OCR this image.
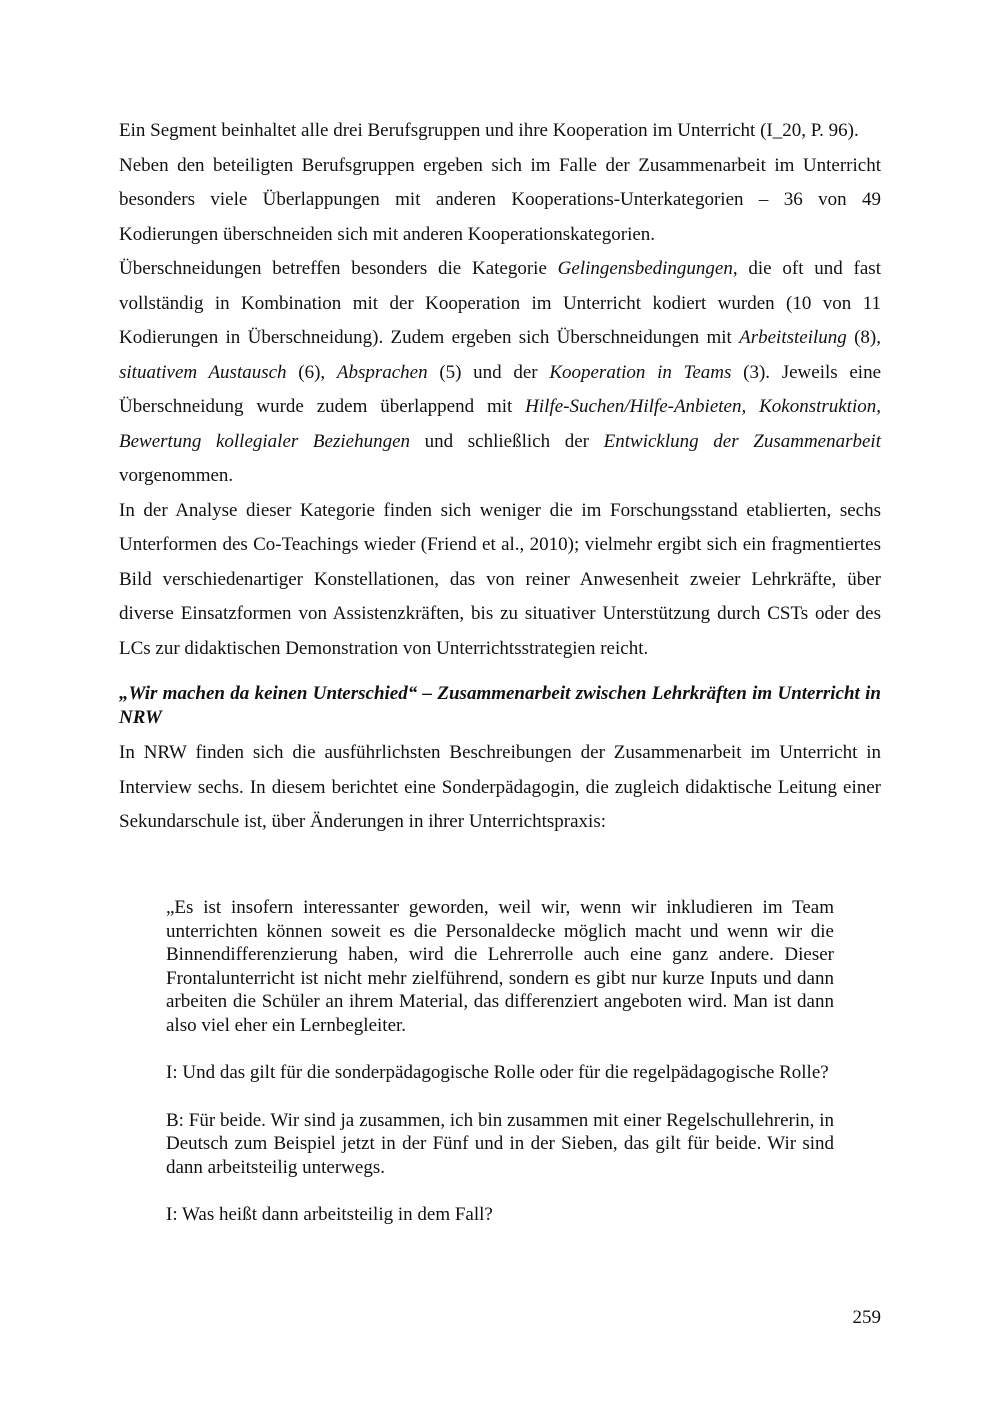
Ein Segment beinhaltet alle drei Berufsgruppen und ihre Kooperation im Unterricht (I_20, P. 96).

Neben den beteiligten Berufsgruppen ergeben sich im Falle der Zusammenarbeit im Unterricht besonders viele Überlappungen mit anderen Kooperations-Unterkategorien – 36 von 49 Kodierungen überschneiden sich mit anderen Kooperationskategorien.

Überschneidungen betreffen besonders die Kategorie Gelingensbedingungen, die oft und fast vollständig in Kombination mit der Kooperation im Unterricht kodiert wurden (10 von 11 Kodierungen in Überschneidung). Zudem ergeben sich Überschneidungen mit Arbeitsteilung (8), situativem Austausch (6), Absprachen (5) und der Kooperation in Teams (3). Jeweils eine Überschneidung wurde zudem überlappend mit Hilfe-Suchen/Hilfe-Anbieten, Kokonstruktion, Bewertung kollegialer Beziehungen und schließlich der Entwicklung der Zusammenarbeit vorgenommen.

In der Analyse dieser Kategorie finden sich weniger die im Forschungsstand etablierten, sechs Unterformen des Co-Teachings wieder (Friend et al., 2010); vielmehr ergibt sich ein fragmentiertes Bild verschiedenartiger Konstellationen, das von reiner Anwesenheit zweier Lehrkräfte, über diverse Einsatzformen von Assistenzkräften, bis zu situativer Unterstützung durch CSTs oder des LCs zur didaktischen Demonstration von Unterrichtsstrategien reicht.

„Wir machen da keinen Unterschied“ – Zusammenarbeit zwischen Lehrkräften im Unterricht in NRW

In NRW finden sich die ausführlichsten Beschreibungen der Zusammenarbeit im Unterricht in Interview sechs. In diesem berichtet eine Sonderpädagogin, die zugleich didaktische Leitung einer Sekundarschule ist, über Änderungen in ihrer Unterrichtspraxis:

„Es ist insofern interessanter geworden, weil wir, wenn wir inkludieren im Team unterrichten können soweit es die Personaldecke möglich macht und wenn wir die Binnendifferenzierung haben, wird die Lehrerrolle auch eine ganz andere. Dieser Frontalunterricht ist nicht mehr zielführend, sondern es gibt nur kurze Inputs und dann arbeiten die Schüler an ihrem Material, das differenziert angeboten wird. Man ist dann also viel eher ein Lernbegleiter.

I: Und das gilt für die sonderpädagogische Rolle oder für die regelpädagogische Rolle?

B: Für beide. Wir sind ja zusammen, ich bin zusammen mit einer Regelschullehrerin, in Deutsch zum Beispiel jetzt in der Fünf und in der Sieben, das gilt für beide. Wir sind dann arbeitsteilig unterwegs.

I: Was heißt dann arbeitsteilig in dem Fall?

259
